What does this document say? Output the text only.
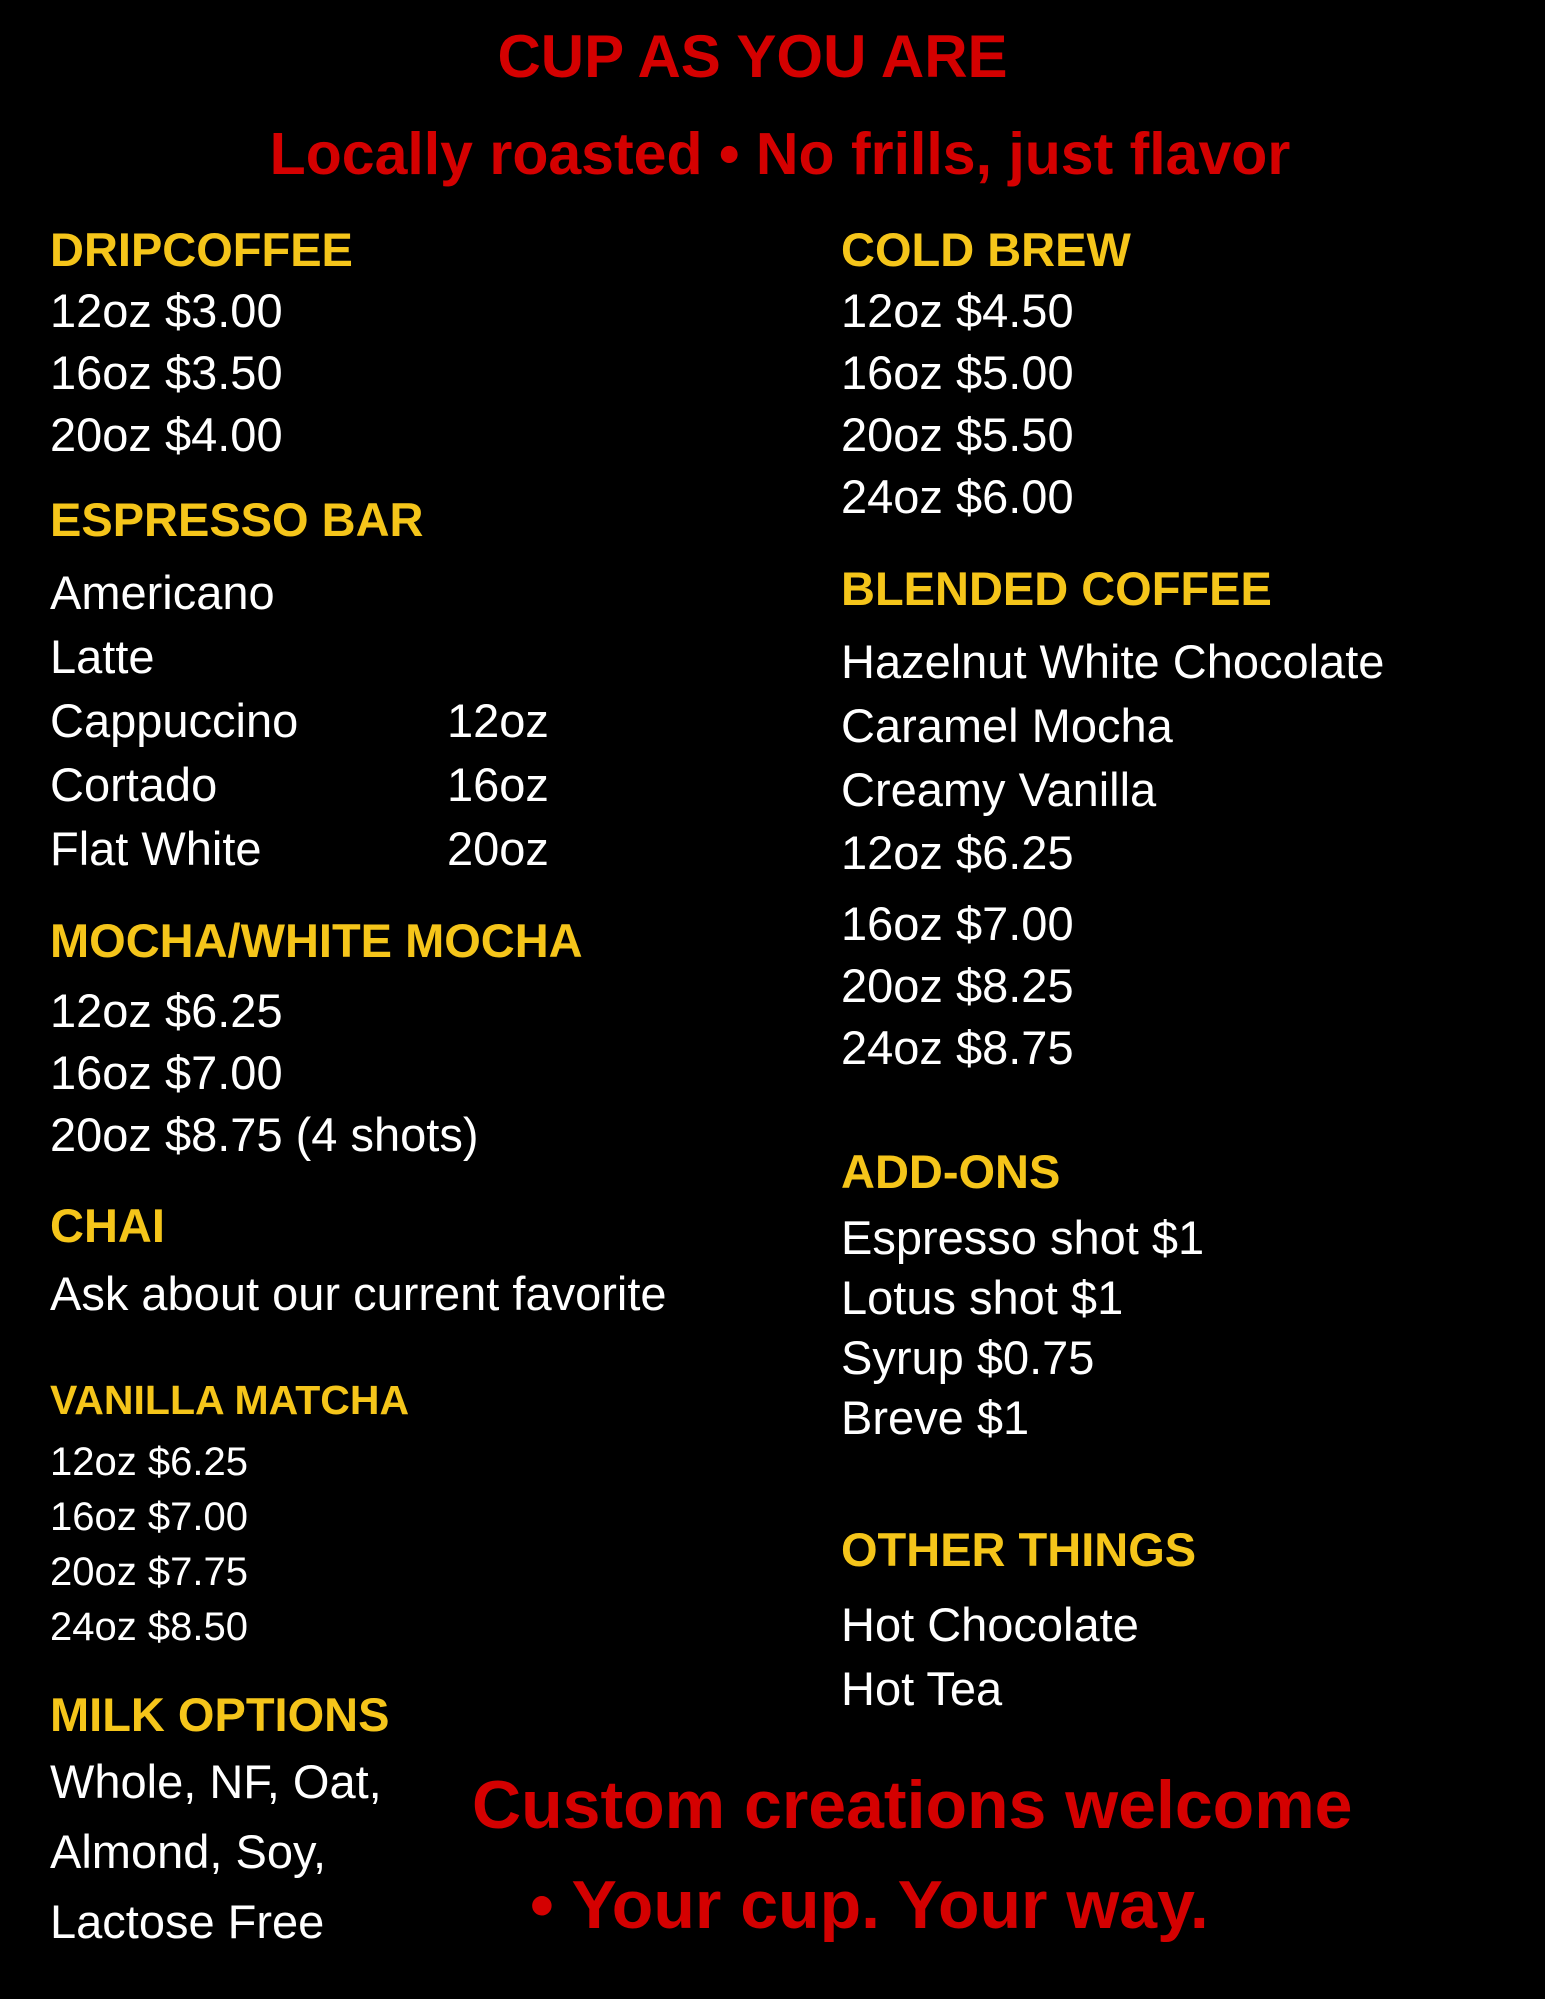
CUP AS YOU ARE
Locally roasted • No frills, just flavor
DRIPCOFFEE
12oz $3.00
16oz $3.50
20oz $4.00
ESPRESSO BAR
Americano
Latte
Cappuccino
Cortado
Flat White
12oz
16oz
20oz
MOCHA/WHITE MOCHA
12oz $6.25
16oz $7.00
20oz $8.75 (4 shots)
CHAI
Ask about our current favorite
VANILLA MATCHA
12oz $6.25
16oz $7.00
20oz $7.75
24oz $8.50
MILK OPTIONS
Whole, NF, Oat,
Almond, Soy,
Lactose Free
COLD BREW
12oz $4.50
16oz $5.00
20oz $5.50
24oz $6.00
BLENDED COFFEE
Hazelnut White Chocolate
Caramel Mocha
Creamy Vanilla
12oz $6.25
16oz $7.00
20oz $8.25
24oz $8.75
ADD-ONS
Espresso shot $1
Lotus shot $1
Syrup $0.75
Breve $1
OTHER THINGS
Hot Chocolate
Hot Tea
Custom creations welcome
• Your cup. Your way.
